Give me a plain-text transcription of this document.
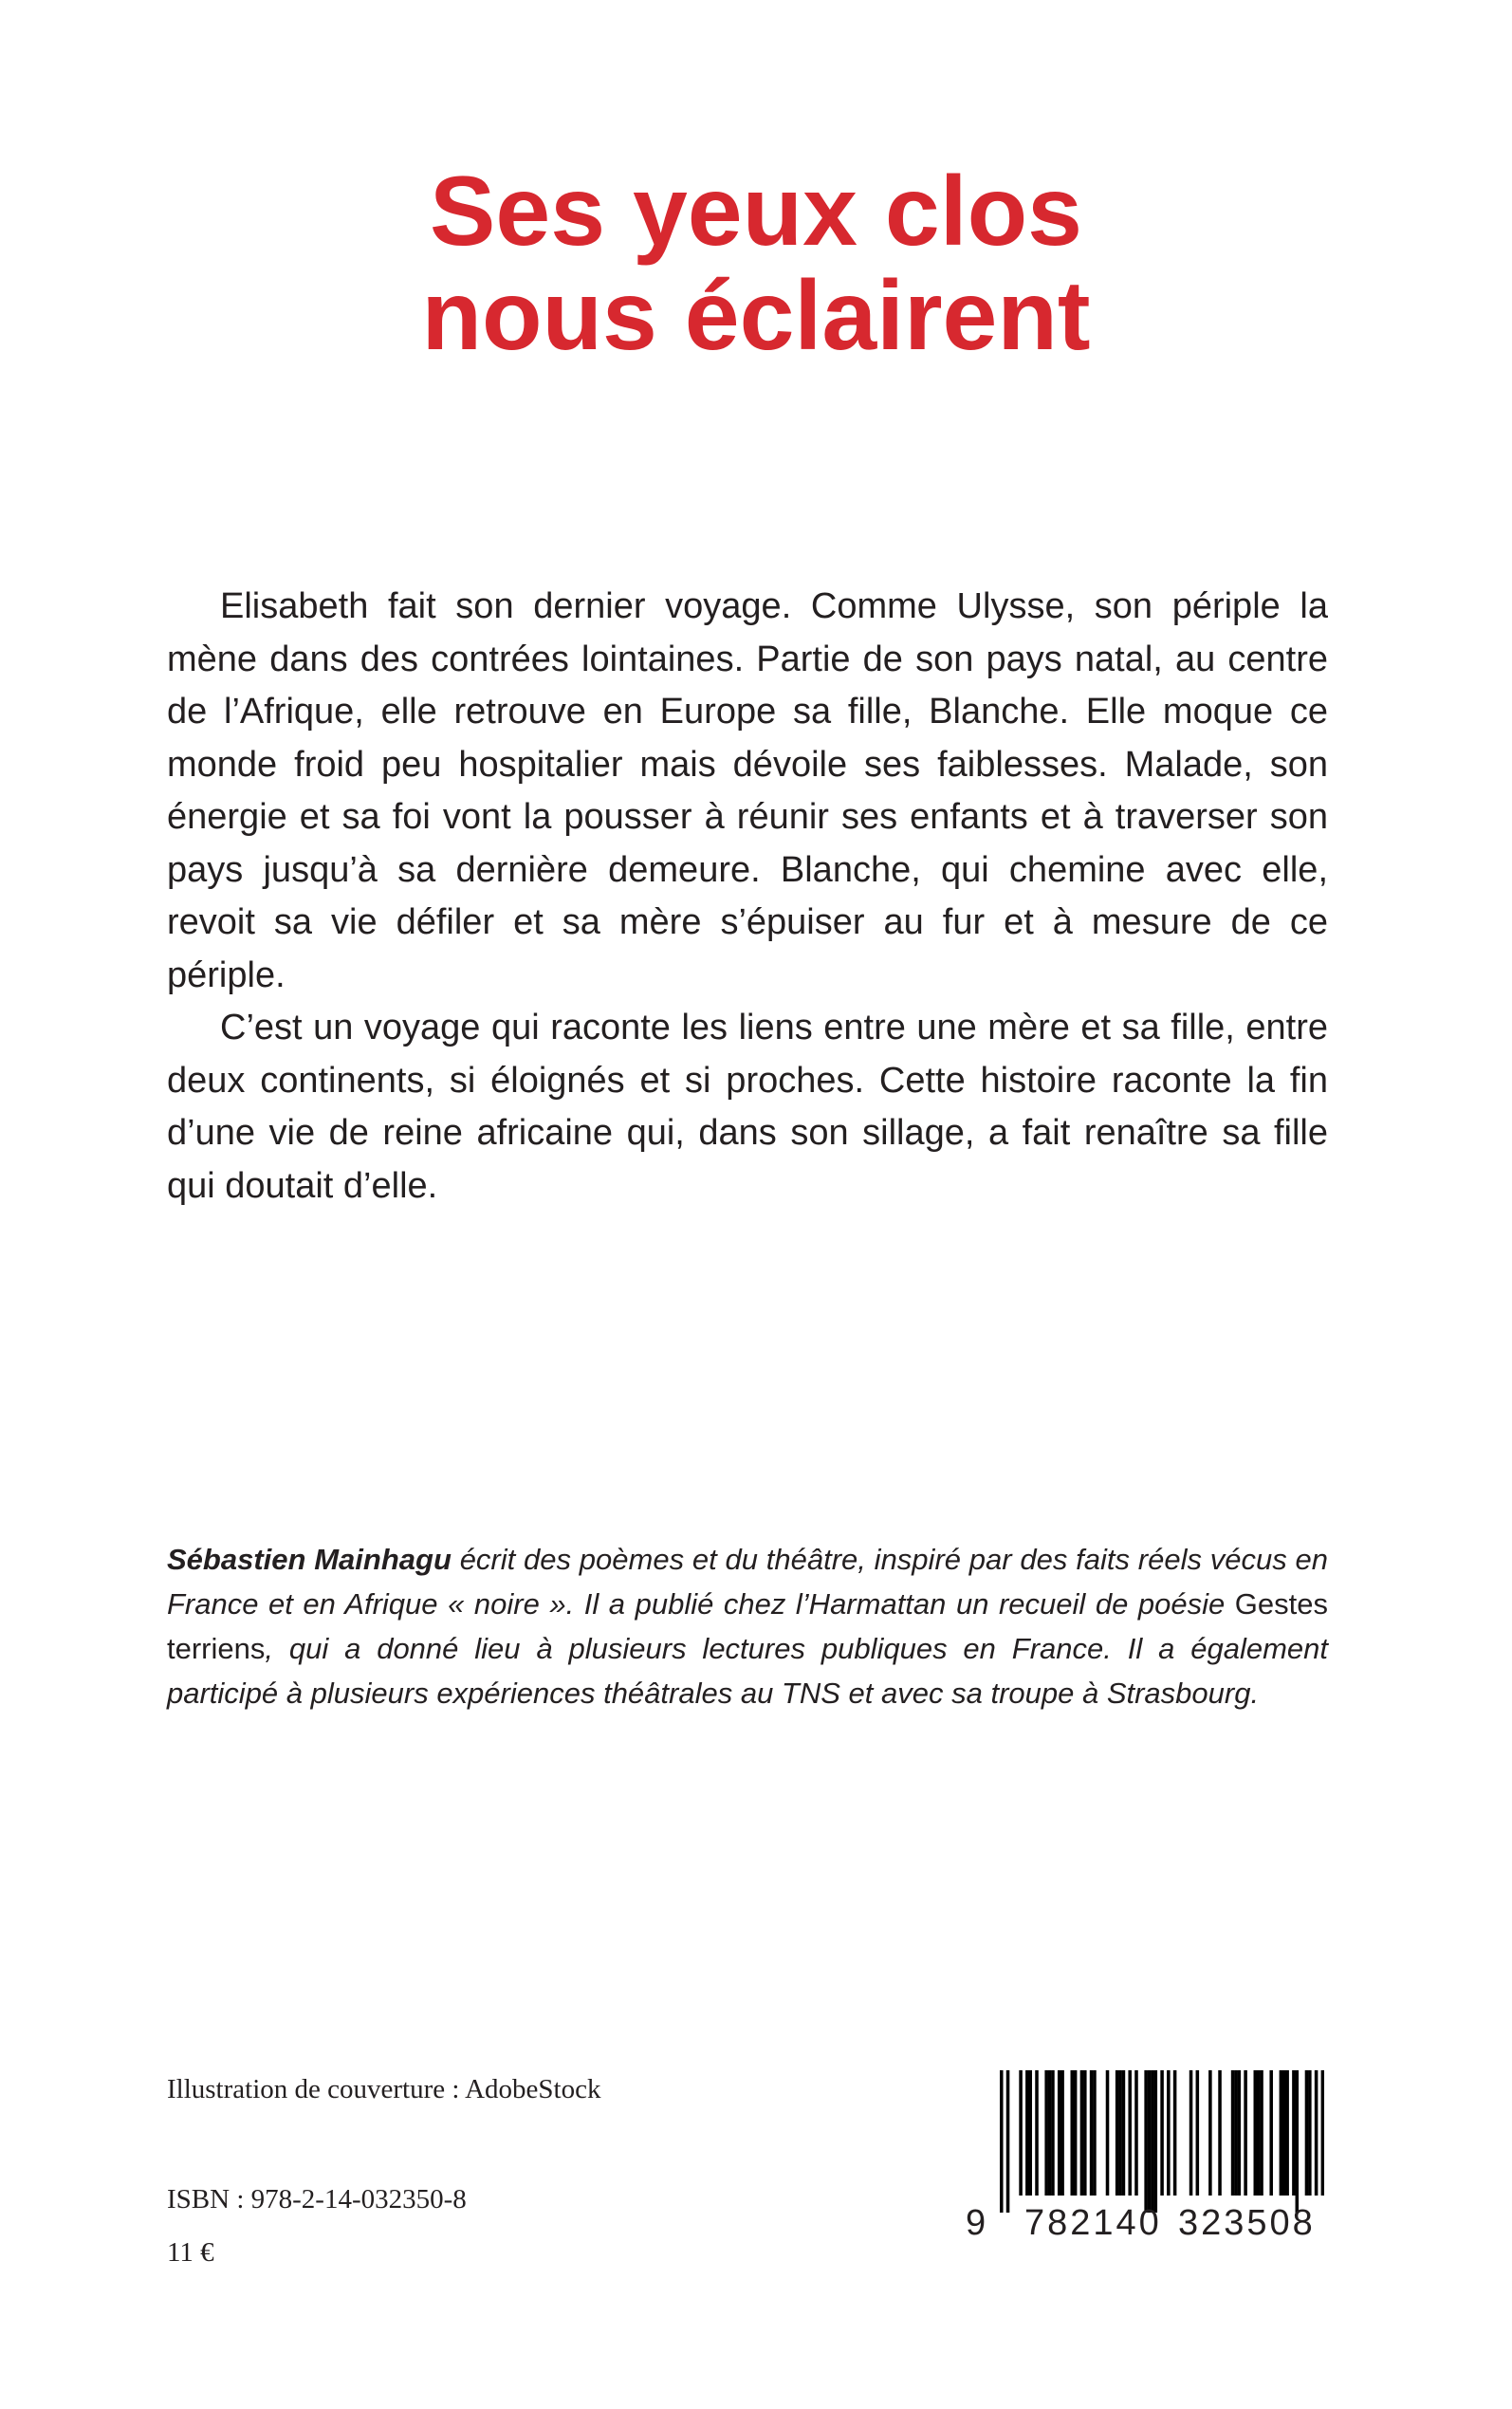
Ses yeux clos
nous éclairent

Elisabeth fait son dernier voyage. Comme Ulysse, son périple la mène dans des contrées lointaines. Partie de son pays natal, au centre de l’Afrique, elle retrouve en Europe sa fille, Blanche. Elle moque ce monde froid peu hospitalier mais dévoile ses faiblesses. Malade, son énergie et sa foi vont la pousser à réunir ses enfants et à traverser son pays jusqu’à sa dernière demeure. Blanche, qui chemine avec elle, revoit sa vie défiler et sa mère s’épuiser au fur et à mesure de ce périple.

C’est un voyage qui raconte les liens entre une mère et sa fille, entre deux continents, si éloignés et si proches. Cette histoire raconte la fin d’une vie de reine africaine qui, dans son sillage, a fait renaître sa fille qui doutait d’elle.

Sébastien Mainhagu écrit des poèmes et du théâtre, inspiré par des faits réels vécus en France et en Afrique « noire ». Il a publié chez l’Harmattan un recueil de poésie Gestes terriens, qui a donné lieu à plusieurs lectures publiques en France. Il a également participé à plusieurs expériences théâtrales au TNS et avec sa troupe à Strasbourg.

Illustration de couverture : AdobeStock
ISBN : 978-2-14-032350-8
11 €
9 782140 323508
